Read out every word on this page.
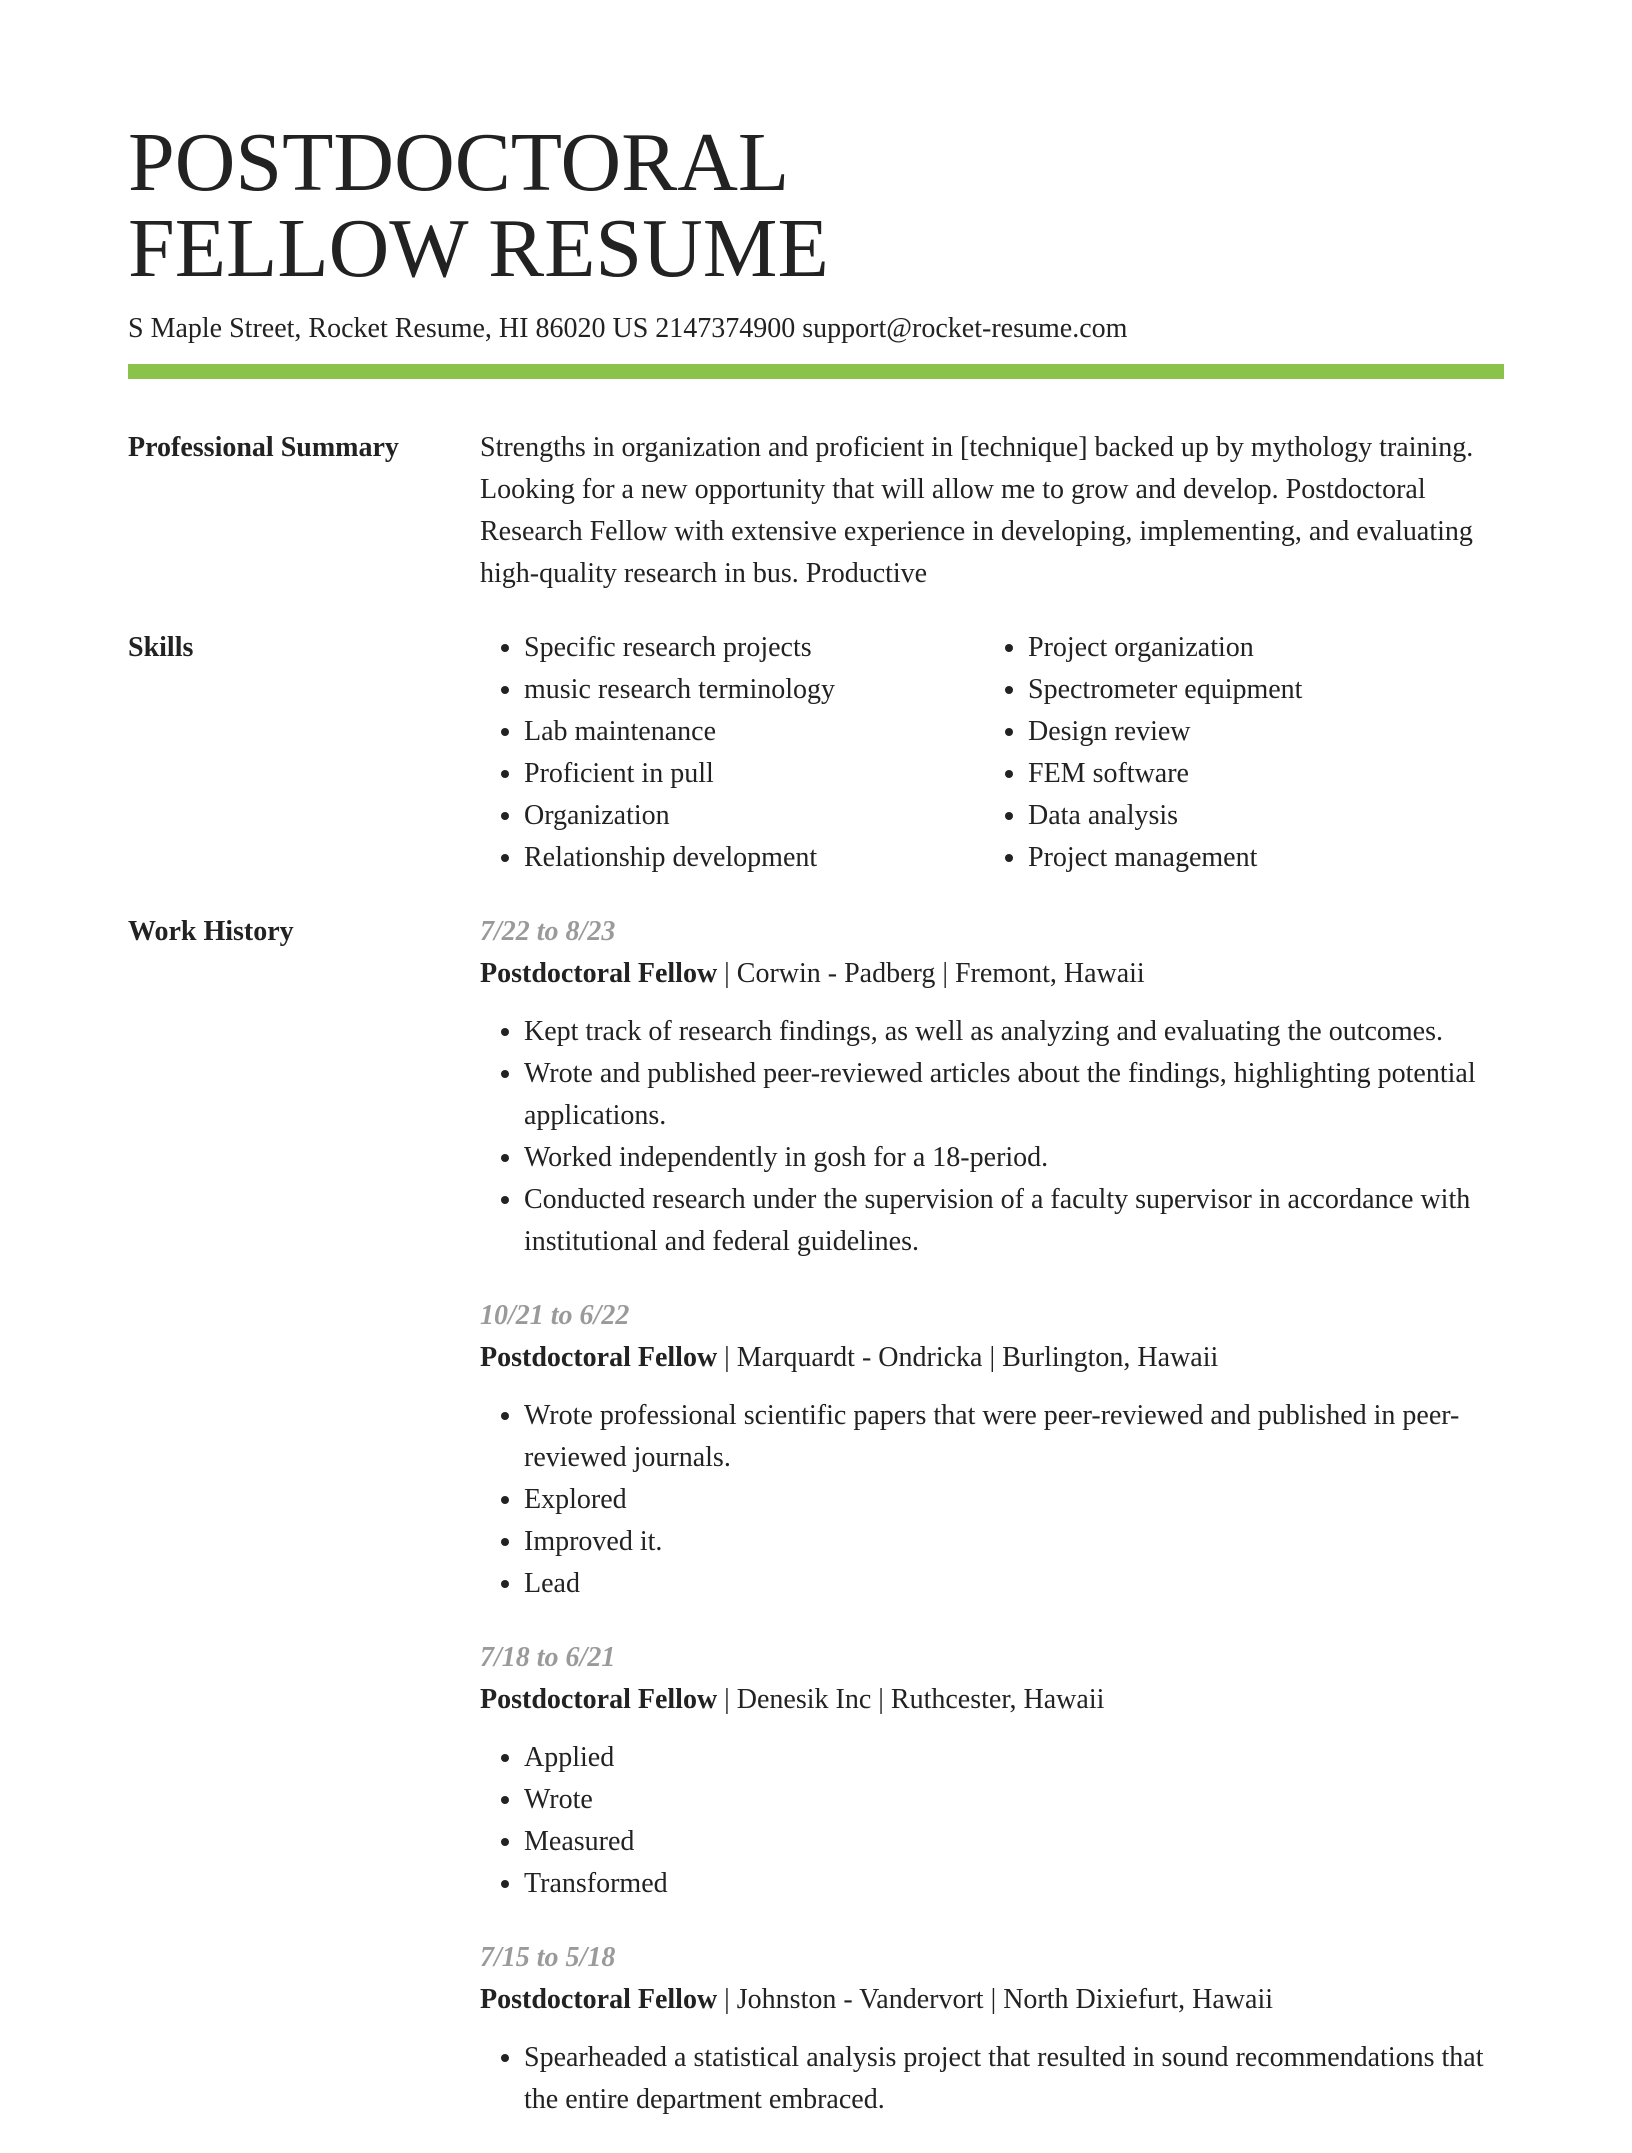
POSTDOCTORAL
FELLOW RESUME
S Maple Street, Rocket Resume, HI 86020 US 2147374900 support@rocket-resume.com
Professional Summary	Strengths in organization and proficient in [technique] backed up by mythology training. Looking for a new opportunity that will allow me to grow and develop. Postdoctoral Research Fellow with extensive experience in developing, implementing, and evaluating high-quality research in bus. Productive
Skills
•	Specific research projects
• music research terminology
• Lab maintenance
• Proficient in pull
• Organization
• Relationship development
• Project organization
• Spectrometer equipment
• Design review
• FEM software
• Data analysis
• Project management
Work History	7/22 to 8/23
Postdoctoral Fellow | Corwin - Padberg | Fremont, Hawaii
• Kept track of research findings, as well as analyzing and evaluating the outcomes.
• Wrote and published peer-reviewed articles about the findings, highlighting potential applications.
• Worked independently in gosh for a 18-period.
• Conducted research under the supervision of a faculty supervisor in accordance with institutional and federal guidelines.
10/21 to 6/22
Postdoctoral Fellow | Marquardt - Ondricka | Burlington, Hawaii
• Wrote professional scientific papers that were peer-reviewed and published in peer-reviewed journals.
• Explored
• Improved it.
• Lead
7/18 to 6/21
Postdoctoral Fellow | Denesik Inc | Ruthcester, Hawaii
• Applied
• Wrote
• Measured
• Transformed
7/15 to 5/18
Postdoctoral Fellow | Johnston - Vandervort | North Dixiefurt, Hawaii
• Spearheaded a statistical analysis project that resulted in sound recommendations that the entire department embraced.
